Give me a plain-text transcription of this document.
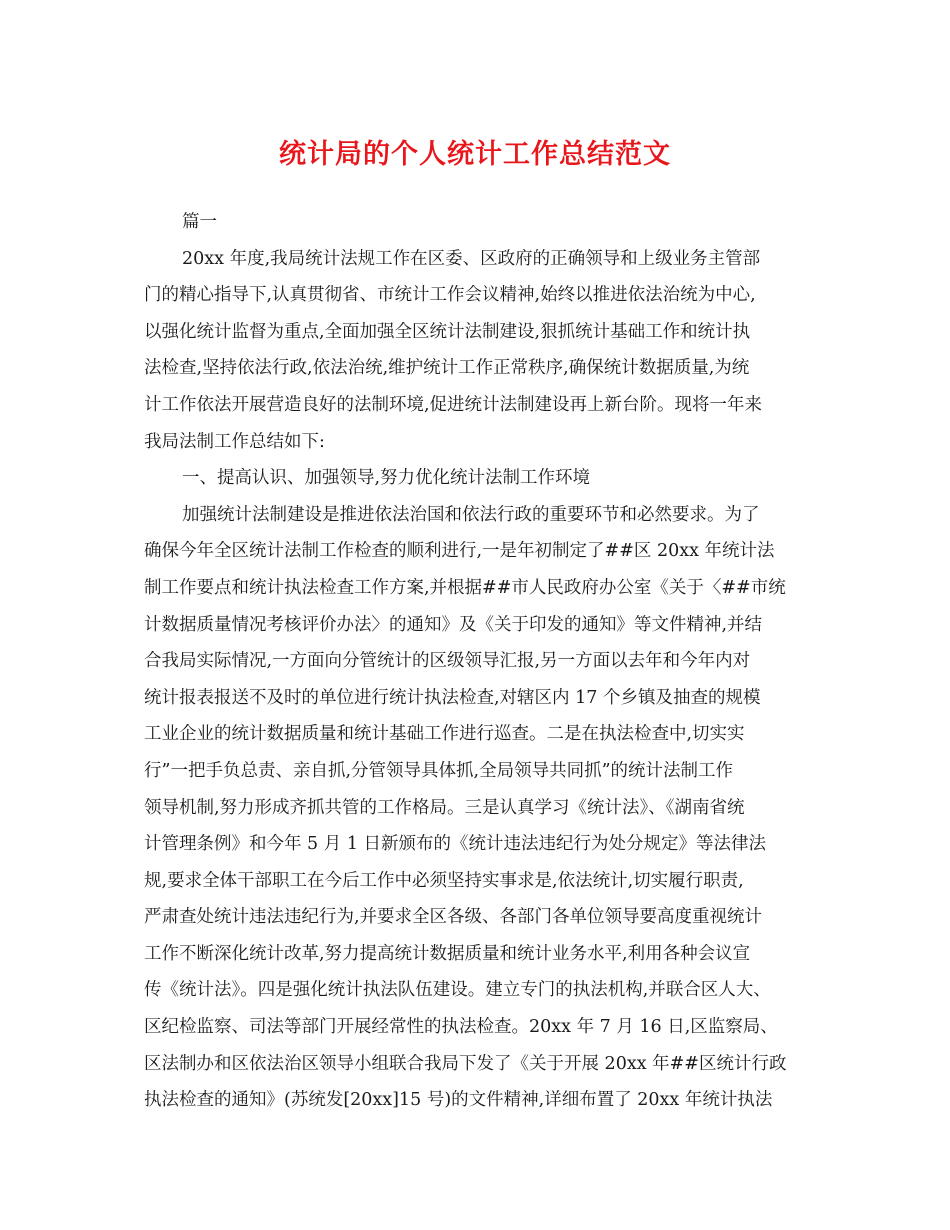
统计局的个人统计工作总结范文
篇一
20xx 年度,我局统计法规工作在区委、区政府的正确领导和上级业务主管部
门的精心指导下,认真贯彻省、市统计工作会议精神,始终以推进依法治统为中心,
以强化统计监督为重点,全面加强全区统计法制建设,狠抓统计基础工作和统计执
法检查,坚持依法行政,依法治统,维护统计工作正常秩序,确保统计数据质量,为统
计工作依法开展营造良好的法制环境,促进统计法制建设再上新台阶。现将一年来
我局法制工作总结如下:
一、提高认识、加强领导,努力优化统计法制工作环境
加强统计法制建设是推进依法治国和依法行政的重要环节和必然要求。为了
确保今年全区统计法制工作检查的顺利进行,一是年初制定了##区 20xx 年统计法
制工作要点和统计执法检查工作方案,并根据##市人民政府办公室《关于〈##市统
计数据质量情况考核评价办法〉的通知》及《关于印发的通知》等文件精神,并结
合我局实际情况,一方面向分管统计的区级领导汇报,另一方面以去年和今年内对
统计报表报送不及时的单位进行统计执法检查,对辖区内 17 个乡镇及抽查的规模
工业企业的统计数据质量和统计基础工作进行巡查。二是在执法检查中,切实实
行”一把手负总责、亲自抓,分管领导具体抓,全局领导共同抓”的统计法制工作
领导机制,努力形成齐抓共管的工作格局。三是认真学习《统计法》、《湖南省统
计管理条例》和今年 5 月 1 日新颁布的《统计违法违纪行为处分规定》等法律法
规,要求全体干部职工在今后工作中必须坚持实事求是,依法统计,切实履行职责,
严肃查处统计违法违纪行为,并要求全区各级、各部门各单位领导要高度重视统计
工作不断深化统计改革,努力提高统计数据质量和统计业务水平,利用各种会议宣
传《统计法》。四是强化统计执法队伍建设。建立专门的执法机构,并联合区人大、
区纪检监察、司法等部门开展经常性的执法检查。20xx 年 7 月 16 日,区监察局、
区法制办和区依法治区领导小组联合我局下发了《关于开展 20xx 年##区统计行政
执法检查的通知》(苏统发[20xx]15 号)的文件精神,详细布置了 20xx 年统计执法
